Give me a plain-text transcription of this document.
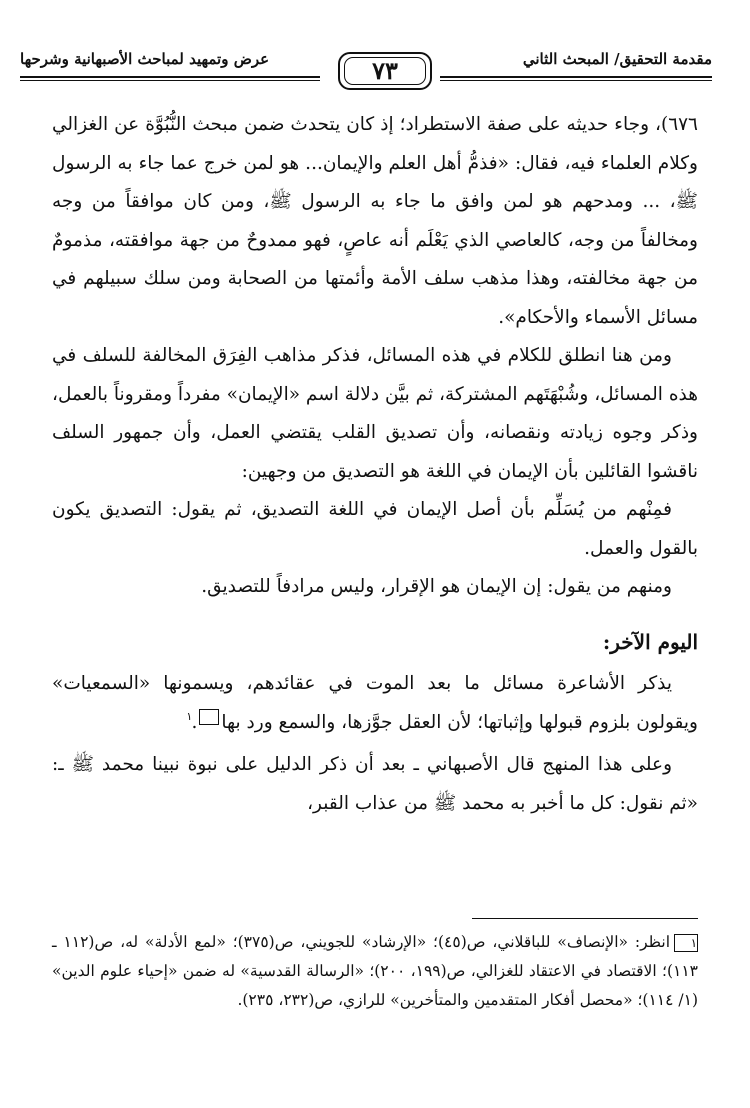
مقدمة التحقيق/ المبحث الثاني
عرض وتمهيد لمباحث الأصبهانية وشرحها	٧٣

٦٧٦)، وجاء حديثه على صفة الاستطراد؛ إذ كان يتحدث ضمن مبحث النُّبُوَّة عن الغزالي وكلام العلماء فيه، فقال: «فذمُّ أهل العلم والإيمان... هو لمن خرج عما جاء به الرسول ﷺ، ... ومدحهم هو لمن وافق ما جاء به الرسول ﷺ، ومن كان موافقاً من وجه ومخالفاً من وجه، كالعاصي الذي يَعْلَم أنه عاصٍ، فهو ممدوحٌ من جهة موافقته، مذمومٌ من جهة مخالفته، وهذا مذهب سلف الأمة وأئمتها من الصحابة ومن سلك سبيلهم في مسائل الأسماء والأحكام».

ومن هنا انطلق للكلام في هذه المسائل، فذكر مذاهب الفِرَق المخالفة للسلف في هذه المسائل، وشُبْهَتَهم المشتركة، ثم بيَّن دلالة اسم «الإيمان» مفرداً ومقروناً بالعمل، وذكر وجوه زيادته ونقصانه، وأن تصديق القلب يقتضي العمل، وأن جمهور السلف ناقشوا القائلين بأن الإيمان في اللغة هو التصديق من وجهين:

فمِنْهم من يُسَلِّم بأن أصل الإيمان في اللغة التصديق، ثم يقول: التصديق يكون بالقول والعمل.

ومنهم من يقول: إن الإيمان هو الإقرار، وليس مرادفاً للتصديق.

اليوم الآخر:

يذكر الأشاعرة مسائل ما بعد الموت في عقائدهم، ويسمونها «السمعيات» ويقولون بلزوم قبولها وإثباتها؛ لأن العقل جوَّزها، والسمع ورد بها١.

وعلى هذا المنهج قال الأصبهاني ـ بعد أن ذكر الدليل على نبوة نبينا محمد ﷺ ـ: «ثم نقول: كل ما أخبر به محمد ﷺ من عذاب القبر،

١انظر: «الإنصاف» للباقلاني، ص(٤٥)؛ «الإرشاد» للجويني، ص(٣٧٥)؛ «لمع الأدلة» له، ص(١١٢ ـ ١١٣)؛ الاقتصاد في الاعتقاد للغزالي، ص(١٩٩، ٢٠٠)؛ «الرسالة القدسية» له ضمن «إحياء علوم الدين» (١/ ١١٤)؛ «محصل أفكار المتقدمين والمتأخرين» للرازي، ص(٢٣٢، ٢٣٥).
